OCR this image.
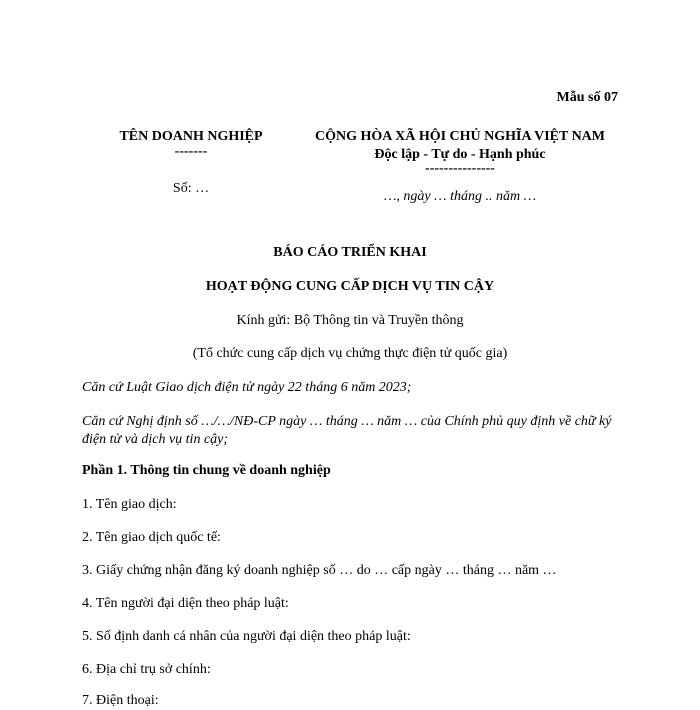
Mẫu số 07
TÊN DOANH NGHIỆP
-------
Số: …
CỘNG HÒA XÃ HỘI CHỦ NGHĨA VIỆT NAM
Độc lập - Tự do - Hạnh phúc
---------------
…, ngày … tháng .. năm …
BÁO CÁO TRIỂN KHAI
HOẠT ĐỘNG CUNG CẤP DỊCH VỤ TIN CẬY
Kính gửi: Bộ Thông tin và Truyền thông
(Tổ chức cung cấp dịch vụ chứng thực điện tử quốc gia)
Căn cứ Luật Giao dịch điện tử ngày 22 tháng 6 năm 2023;
Căn cứ Nghị định số …/…/NĐ-CP ngày … tháng … năm … của Chính phủ quy định về chữ ký điện tử và dịch vụ tin cậy;
Phần 1. Thông tin chung về doanh nghiệp
1. Tên giao dịch:
2. Tên giao dịch quốc tế:
3. Giấy chứng nhận đăng ký doanh nghiệp số … do … cấp ngày … tháng … năm …
4. Tên người đại diện theo pháp luật:
5. Số định danh cá nhân của người đại diện theo pháp luật:
6. Địa chỉ trụ sở chính:
7. Điện thoại:
